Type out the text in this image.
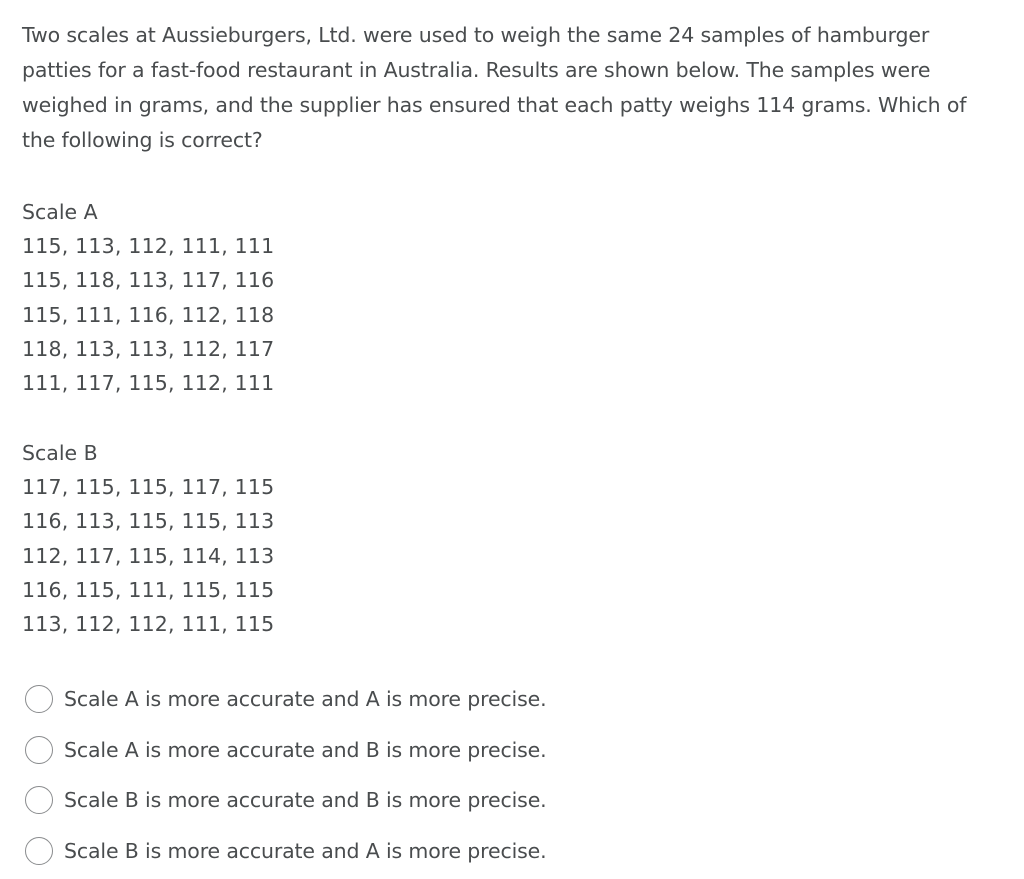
Two scales at Aussieburgers, Ltd. were used to weigh the same 24 samples of hamburger
patties for a fast-food restaurant in Australia. Results are shown below. The samples were
weighed in grams, and the supplier has ensured that each patty weighs 114 grams. Which of
the following is correct?
Scale A
115, 113, 112, 111, 111
115, 118, 113, 117, 116
115, 111, 116, 112, 118
118, 113, 113, 112, 117
111, 117, 115, 112, 111
Scale B
117, 115, 115, 117, 115
116, 113, 115, 115, 113
112, 117, 115, 114, 113
116, 115, 111, 115, 115
113, 112, 112, 111, 115
Scale A is more accurate and A is more precise.
Scale A is more accurate and B is more precise.
Scale B is more accurate and B is more precise.
Scale B is more accurate and A is more precise.
